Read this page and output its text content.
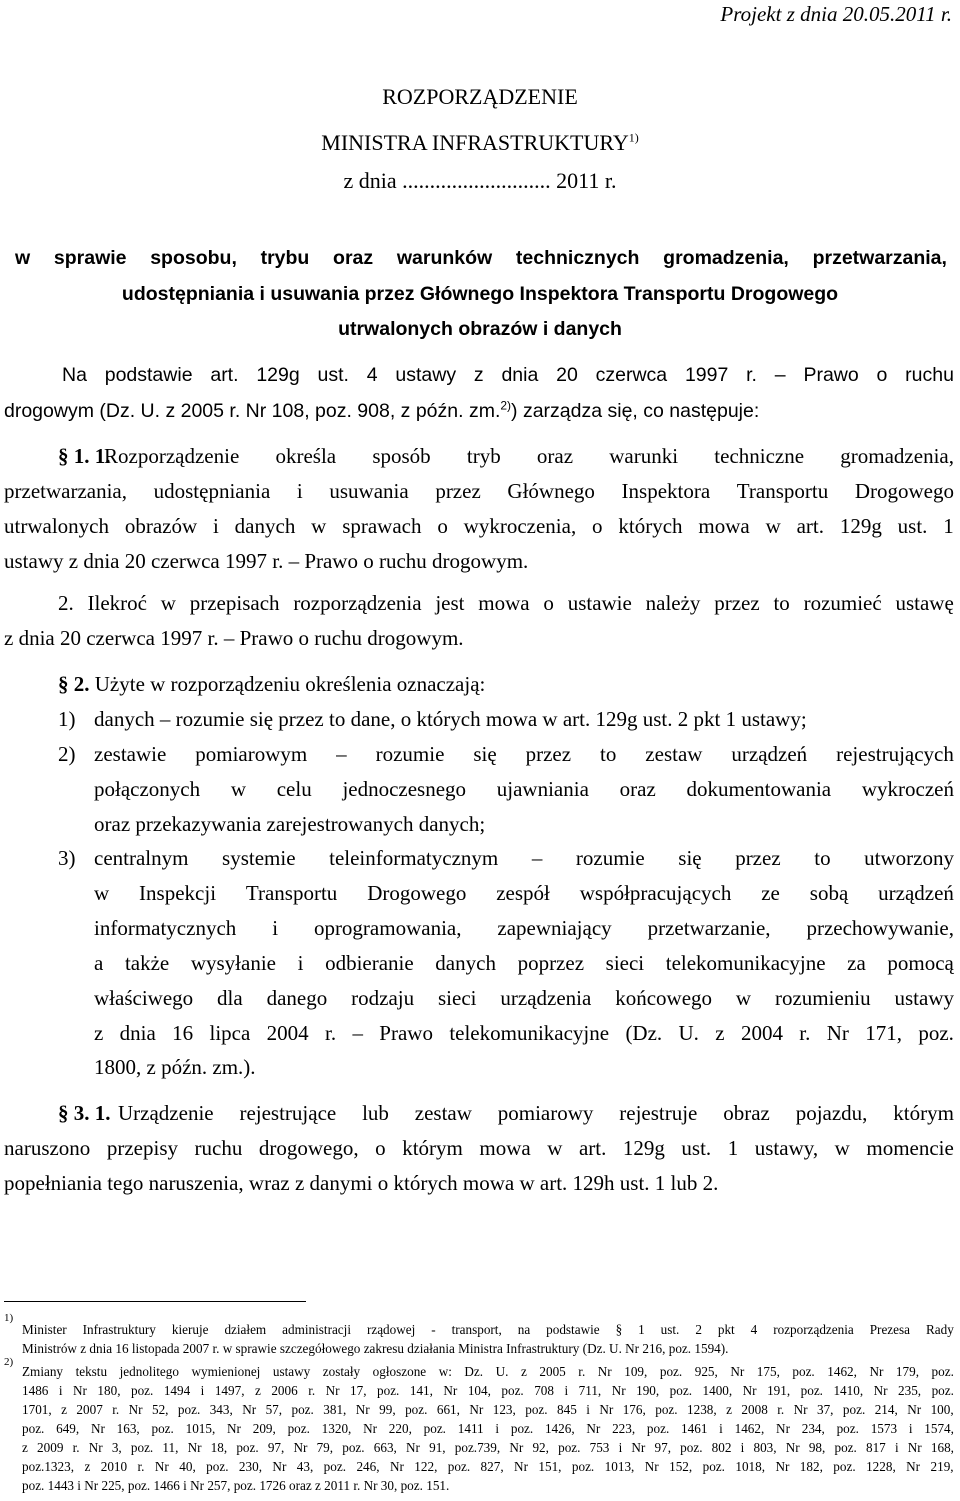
Projekt z dnia 20.05.2011 r.
ROZPORZĄDZENIE
MINISTRA INFRASTRUKTURY$^{1)}$
z dnia ........................... 2011 r.
w sprawie sposobu, trybu oraz warunków technicznych gromadzenia, przetwarzania,
udostępniania i usuwania przez Głównego Inspektora Transportu Drogowego
utrwalonych obrazów i danych
Na podstawie art. 129g ust. 4 ustawy z dnia 20 czerwca 1997 r. – Prawo o ruchu
drogowym (Dz. U. z 2005 r. Nr 108, poz. 908, z późn. zm.$^{2)}$) zarządza się, co następuje:
§ 1. 1.
Rozporządzenie określa sposób tryb oraz warunki techniczne gromadzenia,
przetwarzania, udostępniania i usuwania przez Głównego Inspektora Transportu Drogowego
utrwalonych obrazów i danych w sprawach o wykroczenia, o których mowa w art. 129g ust. 1
ustawy z dnia 20 czerwca 1997 r. – Prawo o ruchu drogowym.
2. Ilekroć w przepisach rozporządzenia jest mowa o ustawie należy przez to rozumieć ustawę
z dnia 20 czerwca 1997 r. – Prawo o ruchu drogowym.
§ 2. Użyte w rozporządzeniu określenia oznaczają:
1) danych – rozumie się przez to dane, o których mowa w art. 129g ust. 2 pkt 1 ustawy;
2) zestawie pomiarowym – rozumie się przez to zestaw urządzeń rejestrujących
połączonych w celu jednoczesnego ujawniania oraz dokumentowania wykroczeń
oraz przekazywania zarejestrowanych danych;
3) centralnym systemie teleinformatycznym – rozumie się przez to utworzony
w Inspekcji Transportu Drogowego zespół współpracujących ze sobą urządzeń
informatycznych i oprogramowania, zapewniający przetwarzanie, przechowywanie,
a także wysyłanie i odbieranie danych poprzez sieci telekomunikacyjne za pomocą
właściwego dla danego rodzaju sieci urządzenia końcowego w rozumieniu ustawy
z dnia 16 lipca 2004 r. – Prawo telekomunikacyjne (Dz. U. z 2004 r. Nr 171, poz.
1800, z późn. zm.).
§ 3. 1. Urządzenie rejestrujące lub zestaw pomiarowy rejestruje obraz pojazdu, którym
naruszono przepisy ruchu drogowego, o którym mowa w art. 129g ust. 1 ustawy, w momencie
popełniania tego naruszenia, wraz z danymi o których mowa w art. 129h ust. 1 lub 2.
1)
Minister Infrastruktury kieruje działem administracji rządowej - transport, na podstawie § 1 ust. 2 pkt 4 rozporządzenia Prezesa Rady
Ministrów z dnia 16 listopada 2007 r. w sprawie szczegółowego zakresu działania Ministra Infrastruktury (Dz. U. Nr 216, poz. 1594).
2)
Zmiany tekstu jednolitego wymienionej ustawy zostały ogłoszone w: Dz. U. z 2005 r. Nr 109, poz. 925, Nr 175, poz. 1462, Nr 179, poz.
1486 i Nr 180, poz. 1494 i 1497, z 2006 r. Nr 17, poz. 141, Nr 104, poz. 708 i 711, Nr 190, poz. 1400, Nr 191, poz. 1410, Nr 235, poz.
1701, z 2007 r. Nr 52, poz. 343, Nr 57, poz. 381, Nr 99, poz. 661, Nr 123, poz. 845 i Nr 176, poz. 1238, z 2008 r. Nr 37, poz. 214, Nr 100,
poz. 649, Nr 163, poz. 1015, Nr 209, poz. 1320, Nr 220, poz. 1411 i poz. 1426, Nr 223, poz. 1461 i 1462, Nr 234, poz. 1573 i 1574,
z 2009 r. Nr 3, poz. 11, Nr 18, poz. 97, Nr 79, poz. 663, Nr 91, poz.739, Nr 92, poz. 753 i Nr 97, poz. 802 i 803, Nr 98, poz. 817 i Nr 168,
poz.1323, z 2010 r. Nr 40, poz. 230, Nr 43, poz. 246, Nr 122, poz. 827, Nr 151, poz. 1013, Nr 152, poz. 1018, Nr 182, poz. 1228, Nr 219,
poz. 1443 i Nr 225, poz. 1466 i Nr 257, poz. 1726 oraz z 2011 r. Nr 30, poz. 151.
